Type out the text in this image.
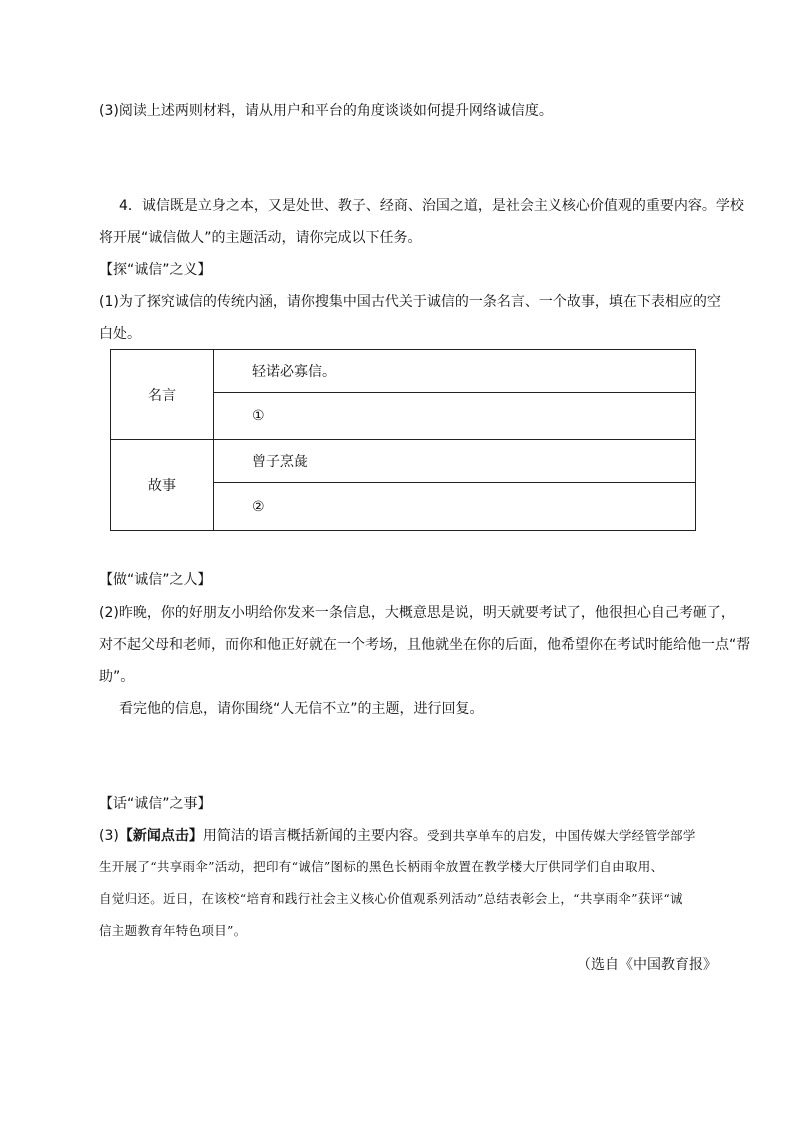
(3)阅读上述两则材料，请从用户和平台的角度谈谈如何提升网络诚信度。
4．诚信既是立身之本，又是处世、教子、经商、治国之道，是社会主义核心价值观的重要内容。学校
将开展“诚信做人”的主题活动，请你完成以下任务。
【探“诚信”之义】
(1)为了探究诚信的传统内涵，请你搜集中国古代关于诚信的一条名言、一个故事，填在下表相应的空
白处。
名言	轻诺必寡信。
	①
故事	曾子烹彘
	②
【做“诚信”之人】
(2)昨晚，你的好朋友小明给你发来一条信息，大概意思是说，明天就要考试了，他很担心自己考砸了，
对不起父母和老师，而你和他正好就在一个考场，且他就坐在你的后面，他希望你在考试时能给他一点“帮
助”。
看完他的信息，请你围绕“人无信不立”的主题，进行回复。
【话“诚信”之事】
(3)【新闻点击】用简洁的语言概括新闻的主要内容。受到共享单车的启发，中国传媒大学经管学部学
生开展了“共享雨伞”活动，把印有“诚信”图标的黑色长柄雨伞放置在教学楼大厅供同学们自由取用、
自觉归还。近日，在该校“培育和践行社会主义核心价值观系列活动”总结表彰会上，“共享雨伞”获评“诚
信主题教育年特色项目”。
（选自《中国教育报》
